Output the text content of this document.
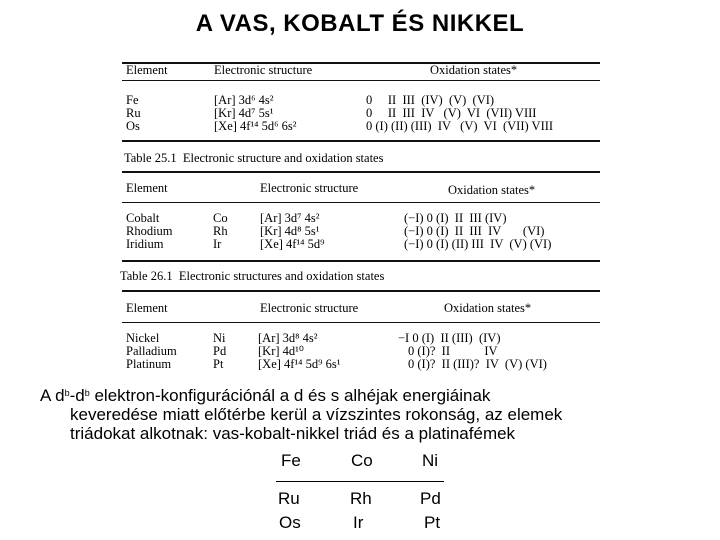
A VAS, KOBALT ÉS NIKKEL
Element	Electronic structure	Oxidation states*
Fe	[Ar] 3d⁶ 4s²	0     II  III  (IV)  (V)  (VI)
Ru	[Kr] 4d⁷ 5s¹	0     II  III  IV   (V)  VI  (VII) VIII
Os	[Xe] 4f¹⁴ 5d⁶ 6s²	0 (I) (II) (III)  IV   (V)  VI  (VII) VIII
Table 25.1  Electronic structure and oxidation states
Element	Electronic structure	Oxidation states*
Cobalt	Co	[Ar] 3d⁷ 4s²	(−I) 0 (I)  II  III (IV)
Rhodium	Rh	[Kr] 4d⁸ 5s¹	(−I) 0 (I)  II  III  IV       (VI)
Iridium	Ir	[Xe] 4f¹⁴ 5d⁹	(−I) 0 (I) (II) III  IV  (V) (VI)
Table 26.1  Electronic structures and oxidation states
Element	Electronic structure	Oxidation states*
Nickel	Ni	[Ar] 3d⁸ 4s²	−I 0 (I)  II (III)  (IV)
Palladium	Pd	[Kr] 4d¹⁰	0 (I)?  II           IV
Platinum	Pt	[Xe] 4f¹⁴ 5d⁹ 6s¹	0 (I)?  II (III)?  IV  (V) (VI)
A $d^b-d^b$ elektron-konfigurációnál a d és s alhéjak energiáinak
keveredése miatt előtérbe kerül a vízszintes rokonság, az elemek
triádokat alkotnak: vas-kobalt-nikkel triád és a platinafémek
Fe	Co	Ni
Ru	Rh	Pd
Os	Ir	Pt
